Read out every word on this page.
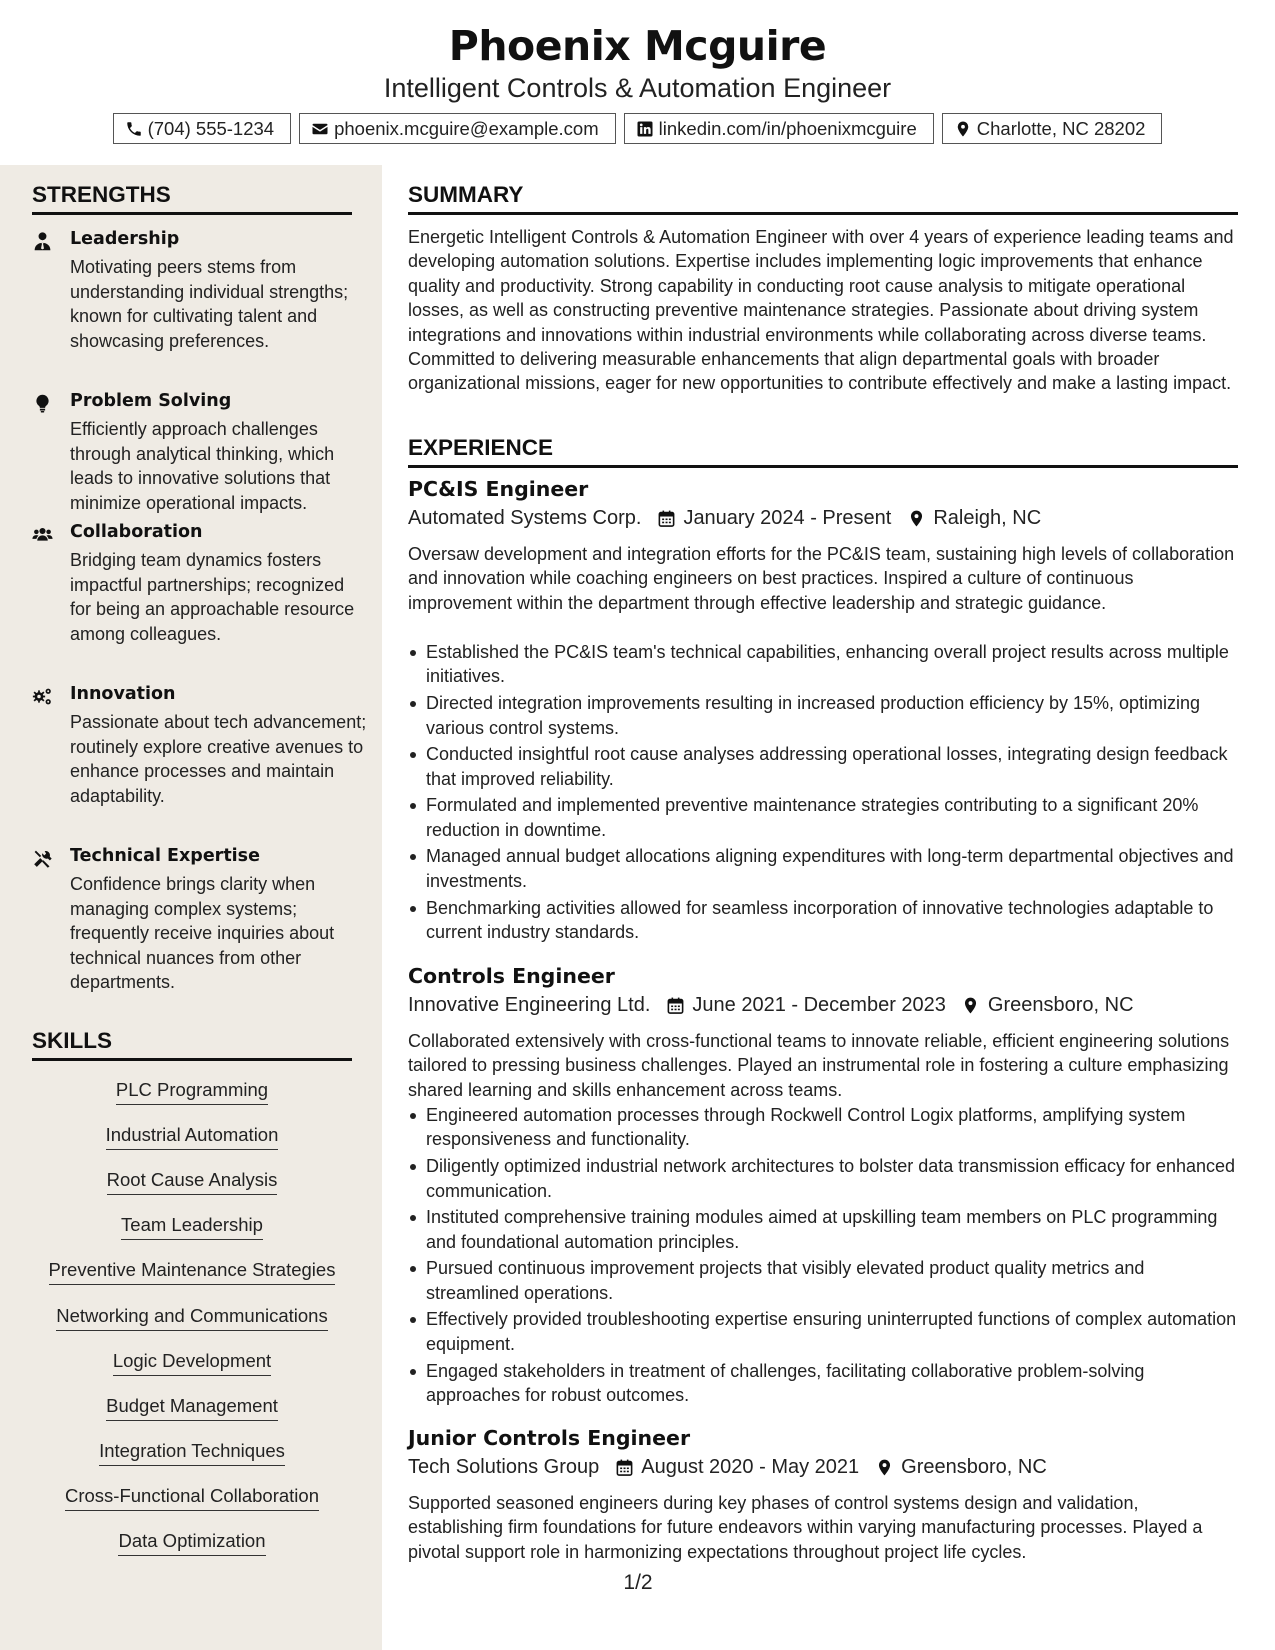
Phoenix Mcguire
Intelligent Controls & Automation Engineer
(704) 555-1234	phoenix.mcguire@example.com	linkedin.com/in/phoenixmcguire	Charlotte, NC 28202
STRENGTHS
Leadership
Motivating peers stems from understanding individual strengths; known for cultivating talent and showcasing preferences.
Problem Solving
Efficiently approach challenges through analytical thinking, which leads to innovative solutions that minimize operational impacts.
Collaboration
Bridging team dynamics fosters impactful partnerships; recognized for being an approachable resource among colleagues.
Innovation
Passionate about tech advancement; routinely explore creative avenues to enhance processes and maintain adaptability.
Technical Expertise
Confidence brings clarity when managing complex systems; frequently receive inquiries about technical nuances from other departments.
SKILLS
PLC Programming
Industrial Automation
Root Cause Analysis
Team Leadership
Preventive Maintenance Strategies
Networking and Communications
Logic Development
Budget Management
Integration Techniques
Cross-Functional Collaboration
Data Optimization
SUMMARY
Energetic Intelligent Controls & Automation Engineer with over 4 years of experience leading teams and developing automation solutions. Expertise includes implementing logic improvements that enhance quality and productivity. Strong capability in conducting root cause analysis to mitigate operational losses, as well as constructing preventive maintenance strategies. Passionate about driving system integrations and innovations within industrial environments while collaborating across diverse teams. Committed to delivering measurable enhancements that align departmental goals with broader organizational missions, eager for new opportunities to contribute effectively and make a lasting impact.
EXPERIENCE
PC&IS Engineer
Automated Systems Corp. January 2024 - Present Raleigh, NC
Oversaw development and integration efforts for the PC&IS team, sustaining high levels of collaboration and innovation while coaching engineers on best practices. Inspired a culture of continuous improvement within the department through effective leadership and strategic guidance.
Established the PC&IS team's technical capabilities, enhancing overall project results across multiple initiatives.
Directed integration improvements resulting in increased production efficiency by 15%, optimizing various control systems.
Conducted insightful root cause analyses addressing operational losses, integrating design feedback that improved reliability.
Formulated and implemented preventive maintenance strategies contributing to a significant 20% reduction in downtime.
Managed annual budget allocations aligning expenditures with long-term departmental objectives and investments.
Benchmarking activities allowed for seamless incorporation of innovative technologies adaptable to current industry standards.
Controls Engineer
Innovative Engineering Ltd. June 2021 - December 2023 Greensboro, NC
Collaborated extensively with cross-functional teams to innovate reliable, efficient engineering solutions tailored to pressing business challenges. Played an instrumental role in fostering a culture emphasizing shared learning and skills enhancement across teams.
Engineered automation processes through Rockwell Control Logix platforms, amplifying system responsiveness and functionality.
Diligently optimized industrial network architectures to bolster data transmission efficacy for enhanced communication.
Instituted comprehensive training modules aimed at upskilling team members on PLC programming and foundational automation principles.
Pursued continuous improvement projects that visibly elevated product quality metrics and streamlined operations.
Effectively provided troubleshooting expertise ensuring uninterrupted functions of complex automation equipment.
Engaged stakeholders in treatment of challenges, facilitating collaborative problem-solving approaches for robust outcomes.
Junior Controls Engineer
Tech Solutions Group August 2020 - May 2021 Greensboro, NC
Supported seasoned engineers during key phases of control systems design and validation, establishing firm foundations for future endeavors within varying manufacturing processes. Played a pivotal support role in harmonizing expectations throughout project life cycles.
1/2
